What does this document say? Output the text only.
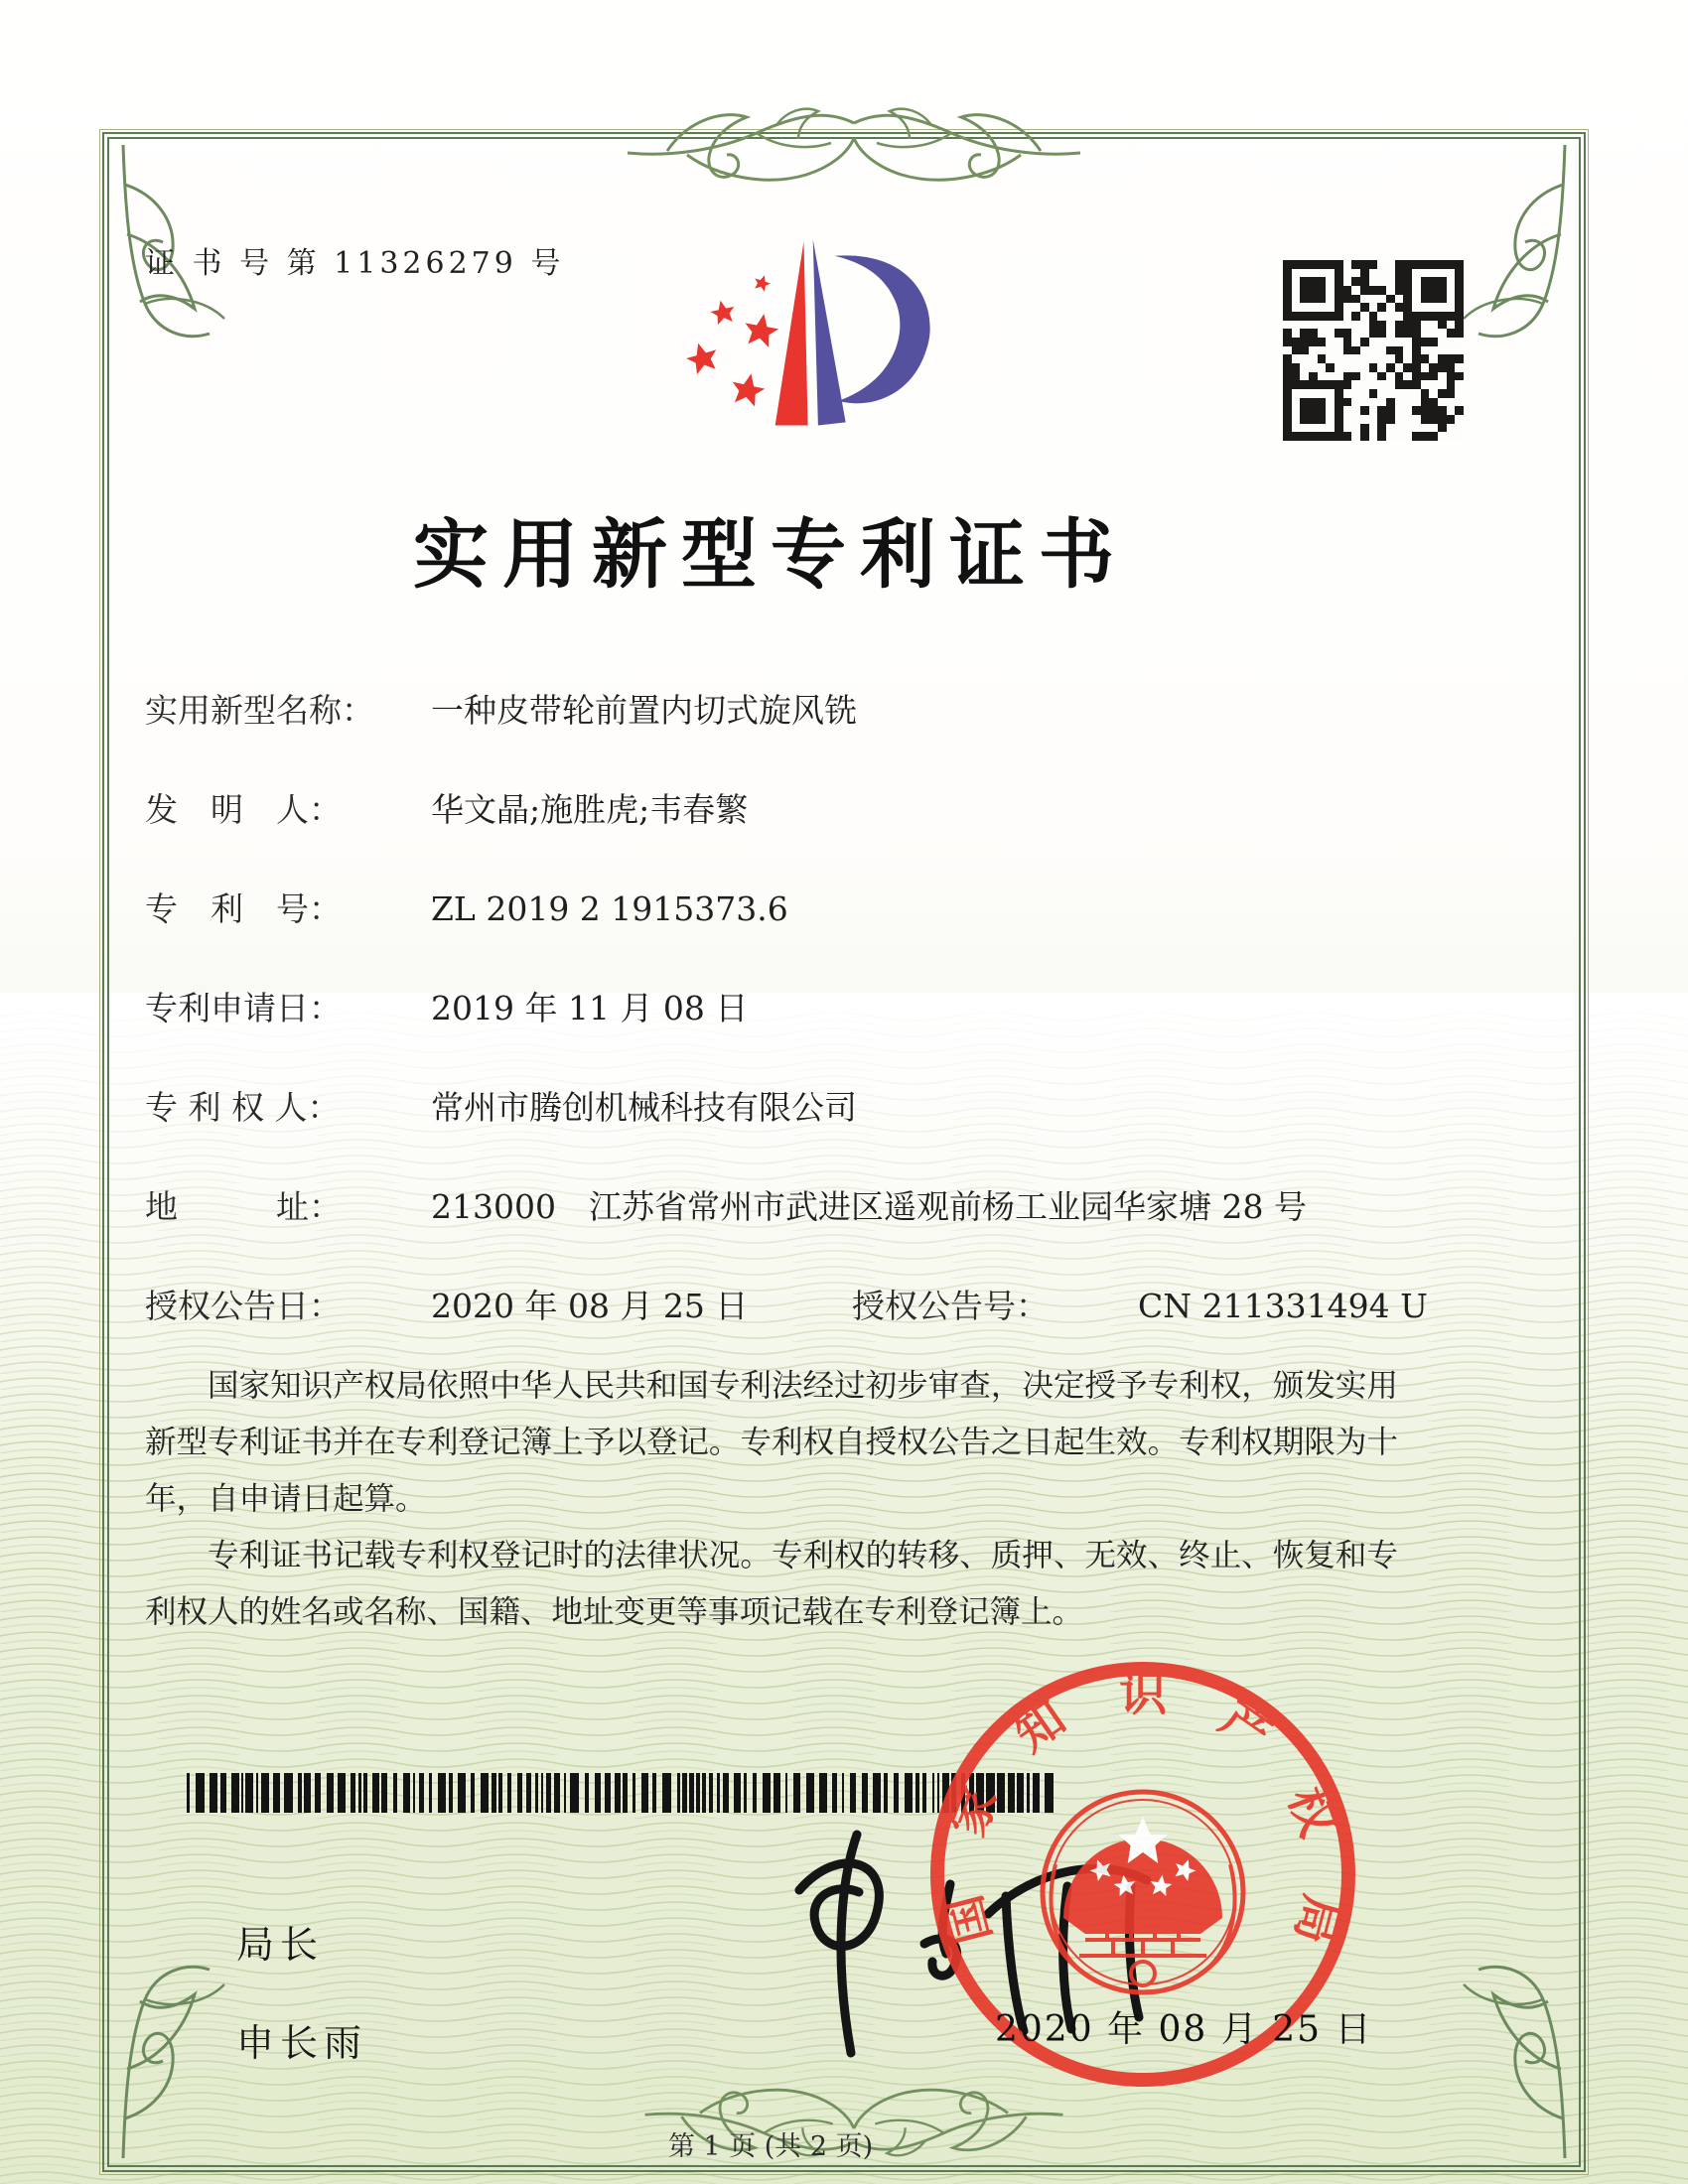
证 书 号 第 11326279 号
实用新型专利证书
实用新型名称：	一种皮带轮前置内切式旋风铣
发　明　人：	华文晶;施胜虎;韦春繁
专　利　号：	ZL 2019 2 1915373.6
专利申请日：	2019 年 11 月 08 日
专 利 权 人：	常州市腾创机械科技有限公司
地　　　址：	213000　江苏省常州市武进区遥观前杨工业园华家塘 28 号
授权公告日：	2020 年 08 月 25 日	授权公告号：	CN 211331494 U

国家知识产权局依照中华人民共和国专利法经过初步审查，决定授予专利权，颁发实用新型专利证书并在专利登记簿上予以登记。专利权自授权公告之日起生效。专利权期限为十年，自申请日起算。

专利证书记载专利权登记时的法律状况。专利权的转移、质押、无效、终止、恢复和专利权人的姓名或名称、国籍、地址变更等事项记载在专利登记簿上。

局长
申长雨
国家知识产权局
2020 年 08 月 25 日
第 1 页 (共 2 页)
